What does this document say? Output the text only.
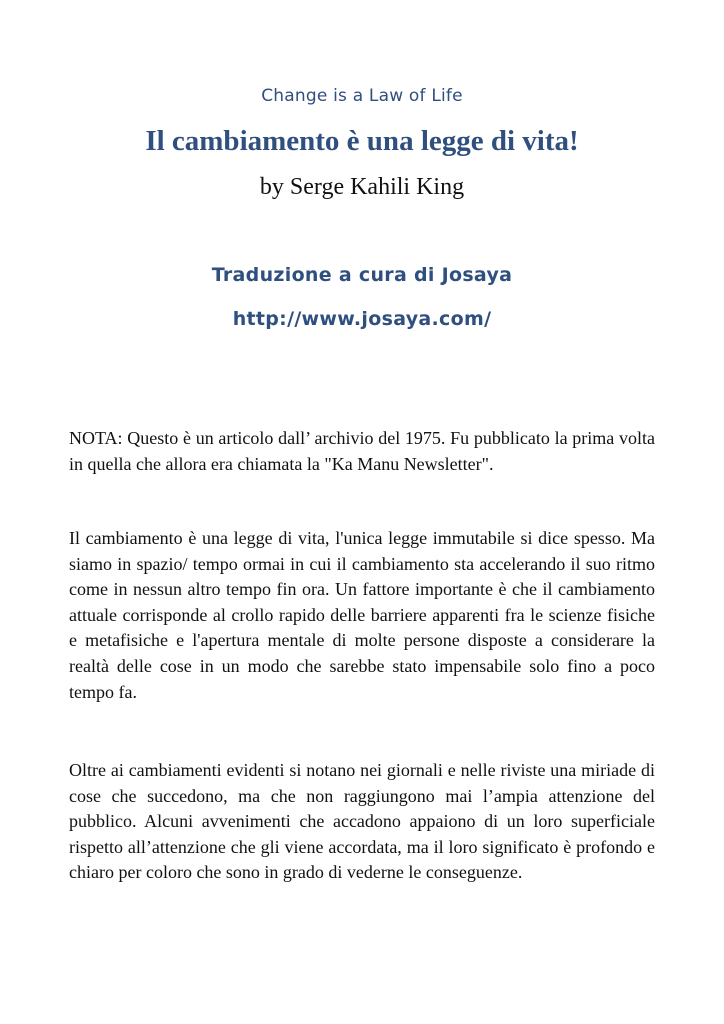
Change is a Law of Life
Il cambiamento è una legge di vita!
by Serge Kahili King
Traduzione a cura di Josaya
http://www.josaya.com/

NOTA: Questo è un articolo dall’ archivio del 1975. Fu pubblicato la prima volta in quella che allora era chiamata la "Ka Manu Newsletter".

Il cambiamento è una legge di vita, l'unica legge immutabile si dice spesso. Ma siamo in spazio/ tempo ormai in cui il cambiamento sta accelerando il suo ritmo come in nessun altro tempo fin ora. Un fattore importante è che il cambiamento attuale corrisponde al crollo rapido delle barriere apparenti fra le scienze fisiche e metafisiche e l'apertura mentale di molte persone disposte a considerare la realtà delle cose in un modo che sarebbe stato impensabile solo fino a poco tempo fa.

Oltre ai cambiamenti evidenti si notano nei giornali e nelle riviste una miriade di cose che succedono, ma che non raggiungono mai l’ampia attenzione del pubblico. Alcuni avvenimenti che accadono appaiono di un loro superficiale rispetto all’attenzione che gli viene accordata, ma il loro significato è profondo e chiaro per coloro che sono in grado di vederne le conseguenze.
